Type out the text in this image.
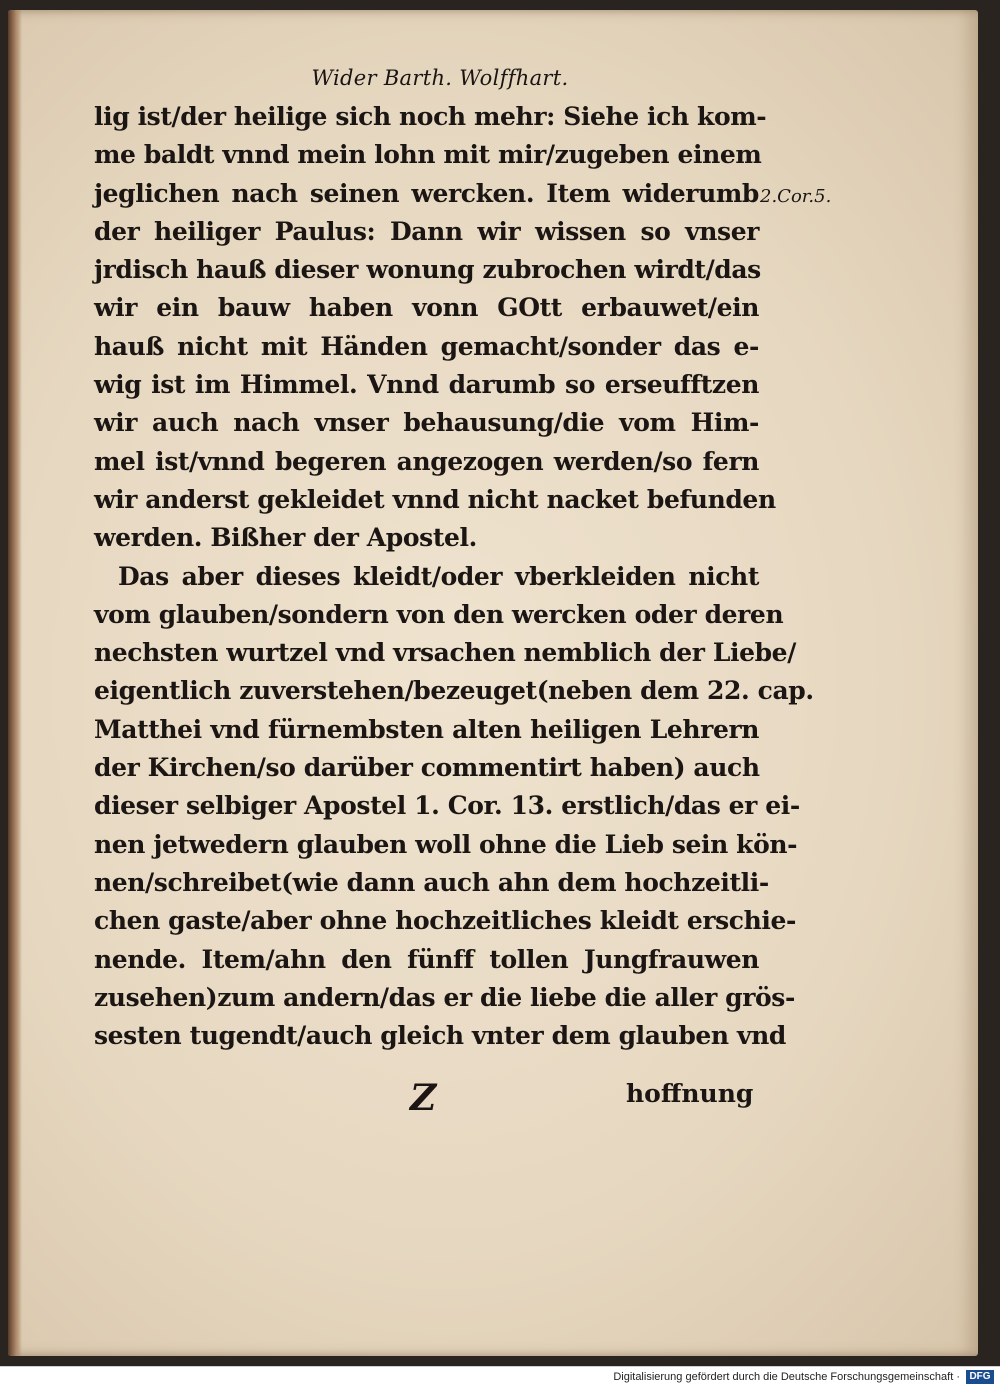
Wider Barth. Wolffhart.
2.Cor.5.
lig ist/der heilige sich noch mehr: Siehe ich kom‐
me baldt vnnd mein lohn mit mir/zugeben einem
jeglichen nach seinen wercken. Item widerumb
der heiliger Paulus: Dann wir wissen so vnser
jrdisch hauß dieser wonung zubrochen wirdt/das
wir ein bauw haben vonn GOtt erbauwet/ein
hauß nicht mit Händen gemacht/sonder das e‐
wig ist im Himmel. Vnnd darumb so erseufftzen
wir auch nach vnser behausung/die vom Him‐
mel ist/vnnd begeren angezogen werden/so fern
wir anderst gekleidet vnnd nicht nacket befunden
werden. Bißher der Apostel.
Das aber dieses kleidt/oder vberkleiden nicht
vom glauben/sondern von den wercken oder deren
nechsten wurtzel vnd vrsachen nemblich der Liebe/
eigentlich zuverstehen/bezeuget(neben dem 22. cap.
Matthei vnd fürnembsten alten heiligen Lehrern
der Kirchen/so darüber commentirt haben) auch
dieser selbiger Apostel 1. Cor. 13. erstlich/das er ei‐
nen jetwedern glauben woll ohne die Lieb sein kön‐
nen/schreibet(wie dann auch ahn dem hochzeitli‐
chen gaste/aber ohne hochzeitliches kleidt erschie‐
nende. Item/ahn den fünff tollen Jungfrauwen
zusehen)zum andern/das er die liebe die aller grös‐
sesten tugendt/auch gleich vnter dem glauben vnd
Z	hoffnung
Digitalisierung gefördert durch die Deutsche Forschungsgemeinschaft · DFG
